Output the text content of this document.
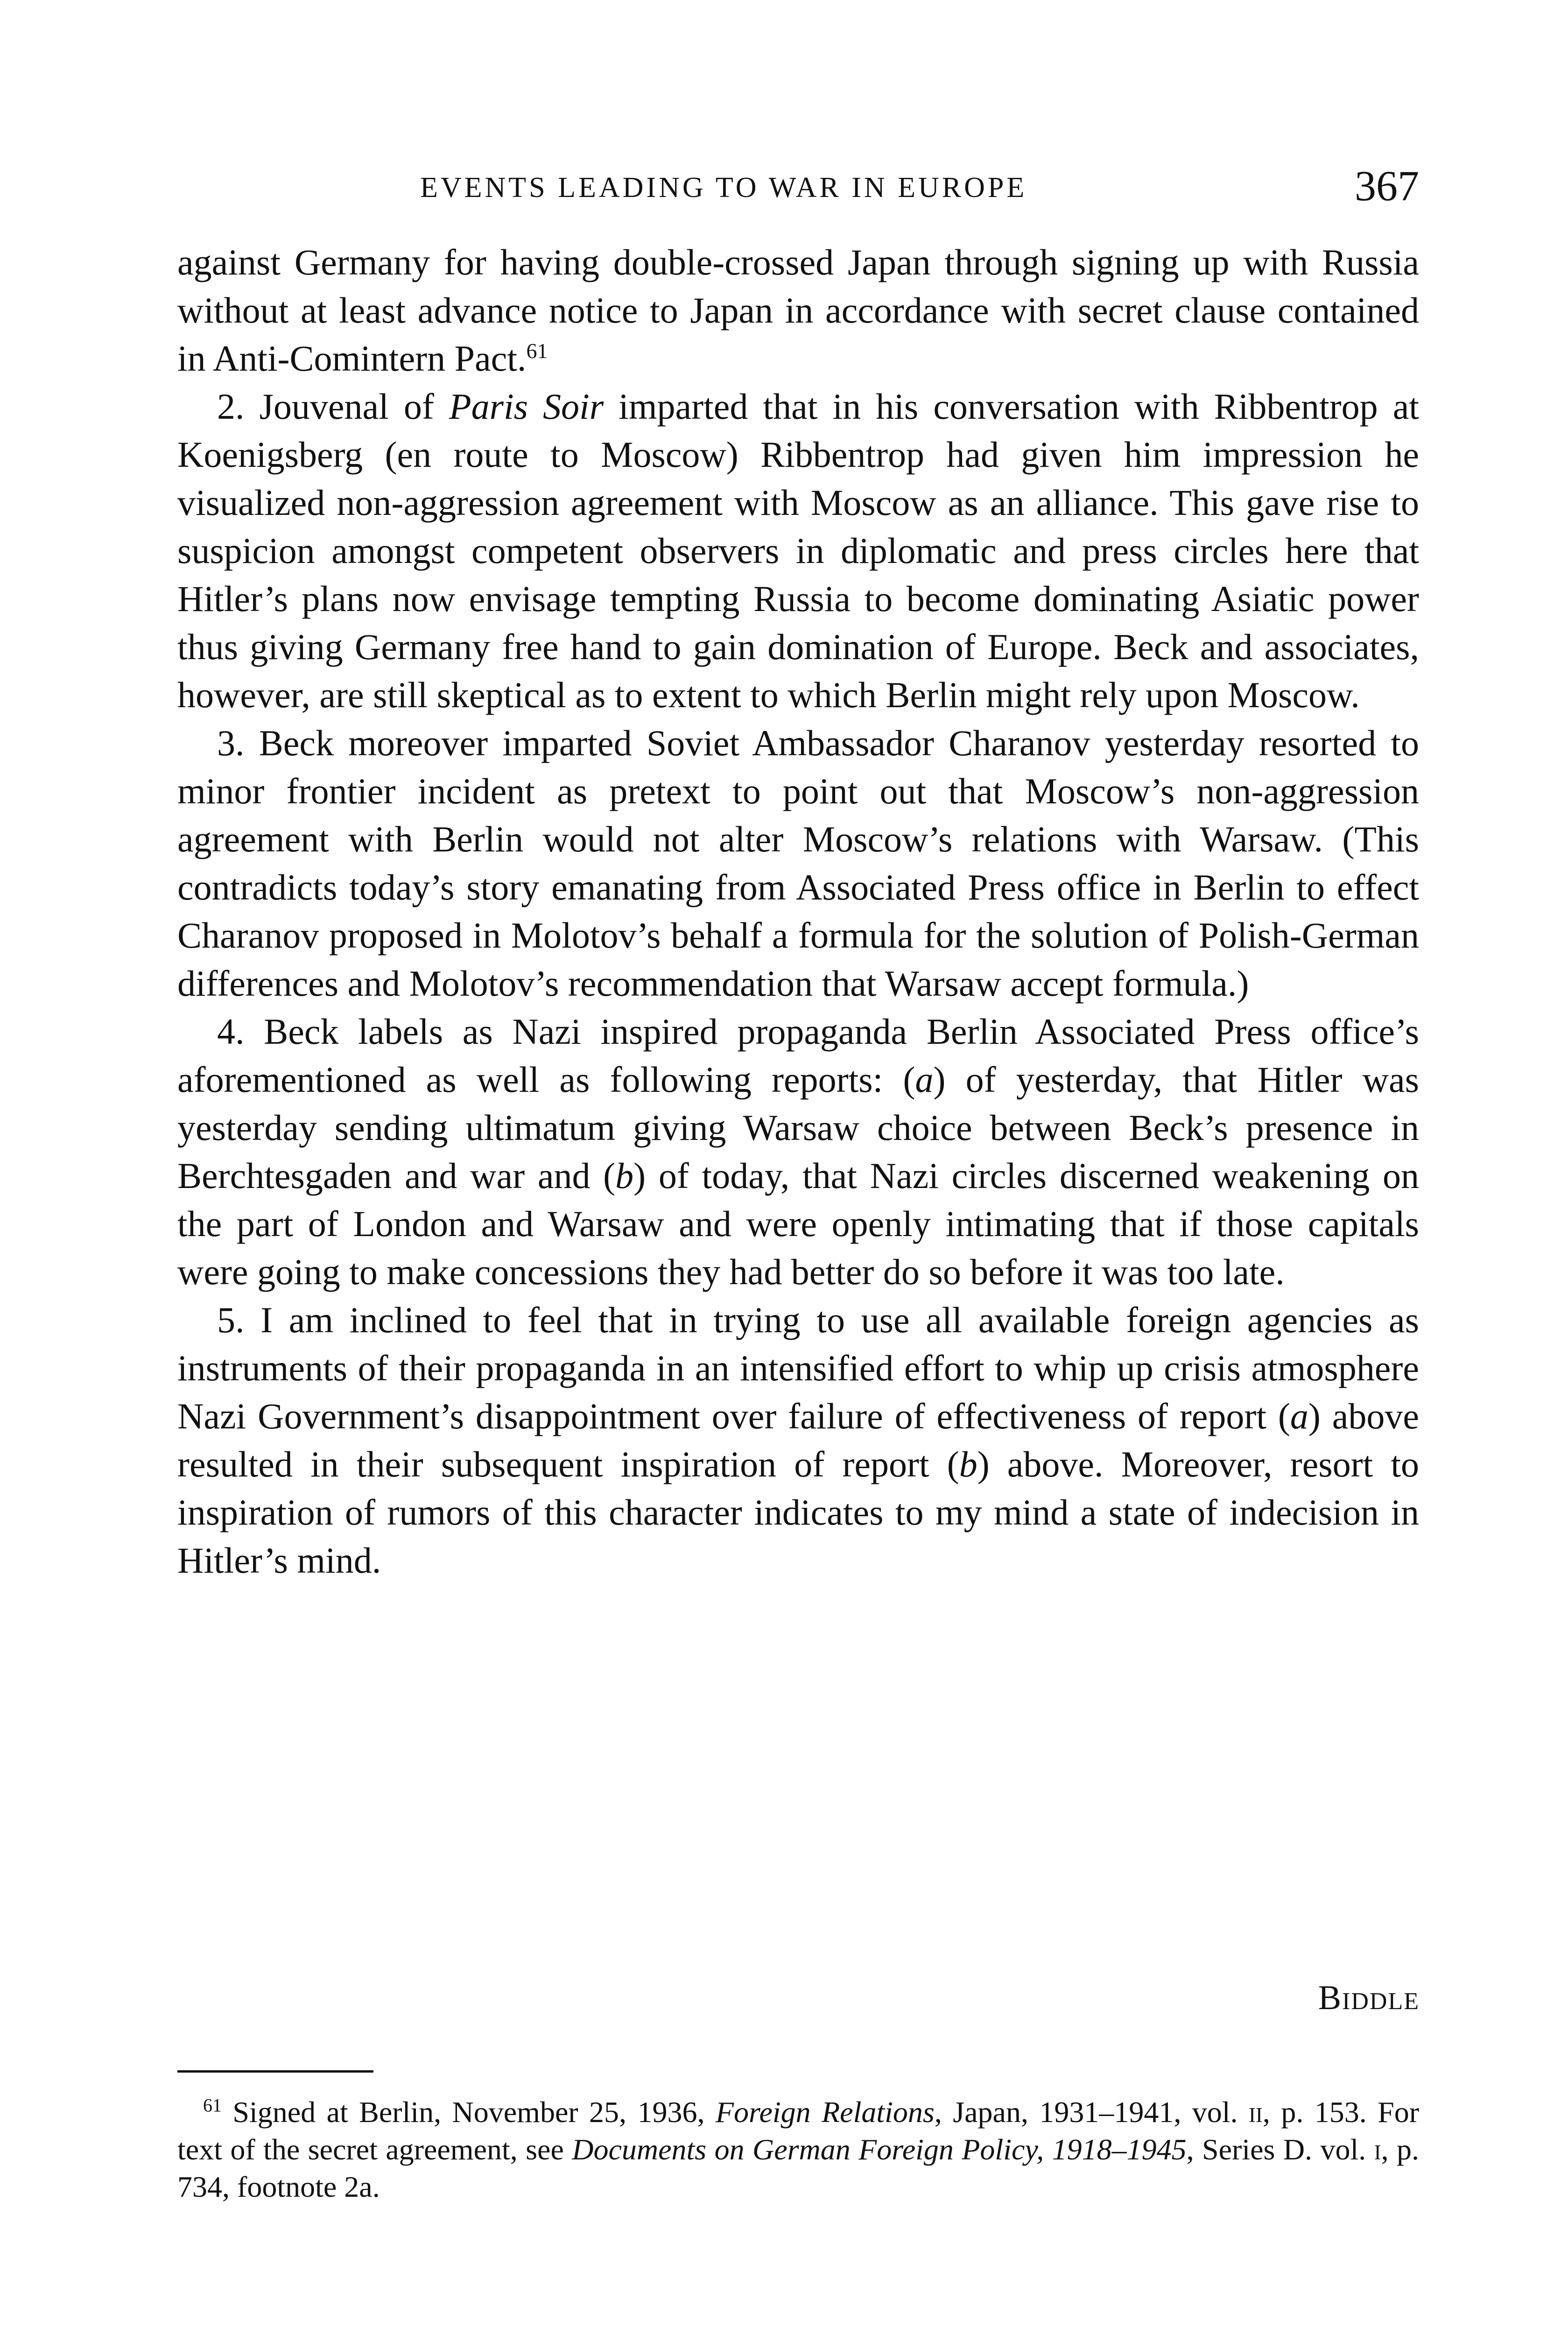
EVENTS LEADING TO WAR IN EUROPE	367

against Germany for having double-crossed Japan through signing up with Russia without at least advance notice to Japan in accordance with secret clause contained in Anti-Comintern Pact.$^{61}$

2. Jouvenal of Paris Soir imparted that in his conversation with Ribbentrop at Koenigsberg (en route to Moscow) Ribbentrop had given him impression he visualized non-aggression agreement with Moscow as an alliance. This gave rise to suspicion amongst competent observers in diplomatic and press circles here that Hitler’s plans now envisage tempting Russia to become dominating Asiatic power thus giving Germany free hand to gain domination of Europe. Beck and associates, however, are still skeptical as to extent to which Berlin might rely upon Moscow.

3. Beck moreover imparted Soviet Ambassador Charanov yesterday resorted to minor frontier incident as pretext to point out that Moscow’s non-aggression agreement with Berlin would not alter Moscow’s relations with Warsaw. (This contradicts today’s story emanating from Associated Press office in Berlin to effect Charanov proposed in Molotov’s behalf a formula for the solution of Polish-German differences and Molotov’s recommendation that Warsaw accept formula.)

4. Beck labels as Nazi inspired propaganda Berlin Associated Press office’s aforementioned as well as following reports: (a) of yesterday, that Hitler was yesterday sending ultimatum giving Warsaw choice between Beck’s presence in Berchtesgaden and war and (b) of today, that Nazi circles discerned weakening on the part of London and Warsaw and were openly intimating that if those capitals were going to make concessions they had better do so before it was too late.

5. I am inclined to feel that in trying to use all available foreign agencies as instruments of their propaganda in an intensified effort to whip up crisis atmosphere Nazi Government’s disappointment over failure of effectiveness of report (a) above resulted in their subsequent inspiration of report (b) above. Moreover, resort to inspiration of rumors of this character indicates to my mind a state of indecision in Hitler’s mind.

Biddle

$^{61}$ Signed at Berlin, November 25, 1936, Foreign Relations, Japan, 1931–1941, vol. ii, p. 153. For text of the secret agreement, see Documents on German Foreign Policy, 1918–1945, Series D. vol. i, p. 734, footnote 2a.
